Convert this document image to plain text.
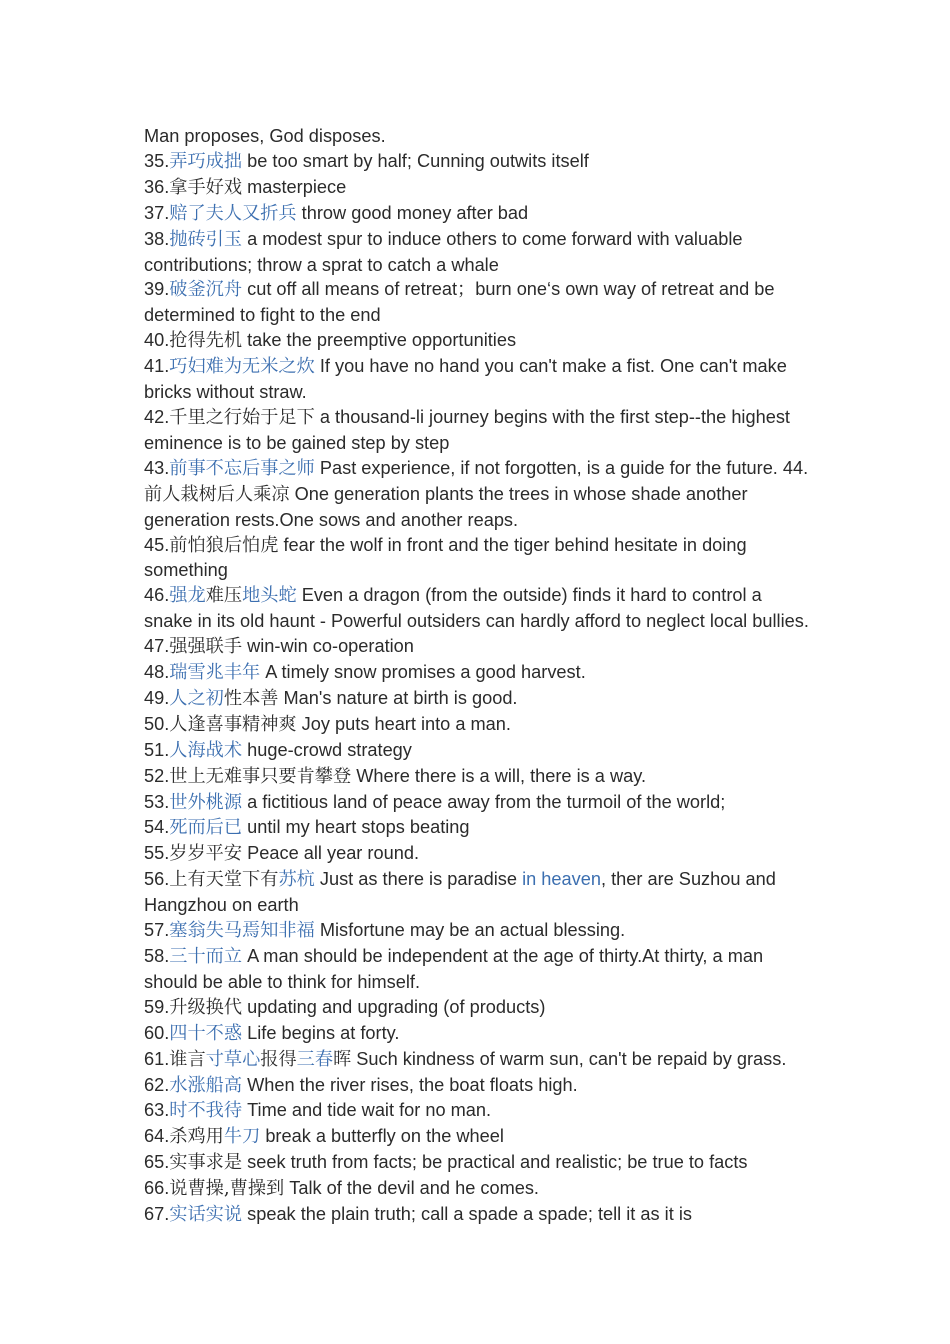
Man proposes, God disposes.
35.弄巧成拙 be too smart by half; Cunning outwits itself
36.拿手好戏 masterpiece
37.赔了夫人又折兵 throw good money after bad
38.抛砖引玉 a modest spur to induce others to come forward with valuable contributions; throw a sprat to catch a whale
39.破釜沉舟 cut off all means of retreat；burn one‘s own way of retreat and be determined to fight to the end
40.抢得先机 take the preemptive opportunities
41.巧妇难为无米之炊 If you have no hand you can't make a fist. One can't make bricks without straw.
42.千里之行始于足下 a thousand-li journey begins with the first step--the highest eminence is to be gained step by step
43.前事不忘后事之师 Past experience, if not forgotten, is a guide for the future. 44.前人栽树后人乘凉 One generation plants the trees in whose shade another generation rests.One sows and another reaps.
45.前怕狼后怕虎 fear the wolf in front and the tiger behind hesitate in doing something
46.强龙难压地头蛇 Even a dragon (from the outside) finds it hard to control a snake in its old haunt - Powerful outsiders can hardly afford to neglect local bullies.
47.强强联手 win-win co-operation
48.瑞雪兆丰年 A timely snow promises a good harvest.
49.人之初性本善 Man's nature at birth is good.
50.人逢喜事精神爽 Joy puts heart into a man.
51.人海战术 huge-crowd strategy
52.世上无难事只要肯攀登 Where there is a will, there is a way.
53.世外桃源 a fictitious land of peace away from the turmoil of the world;
54.死而后已 until my heart stops beating
55.岁岁平安 Peace all year round.
56.上有天堂下有苏杭 Just as there is paradise in heaven, ther are Suzhou and Hangzhou on earth
57.塞翁失马焉知非福 Misfortune may be an actual blessing.
58.三十而立 A man should be independent at the age of thirty.At thirty, a man should be able to think for himself.
59.升级换代 updating and upgrading (of products)
60.四十不惑 Life begins at forty.
61.谁言寸草心报得三春晖 Such kindness of warm sun, can't be repaid by grass. 62.水涨船高 When the river rises, the boat floats high.
63.时不我待 Time and tide wait for no man.
64.杀鸡用牛刀 break a butterfly on the wheel
65.实事求是 seek truth from facts; be practical and realistic; be true to facts
66.说曹操,曹操到 Talk of the devil and he comes.
67.实话实说 speak the plain truth; call a spade a spade; tell it as it is
